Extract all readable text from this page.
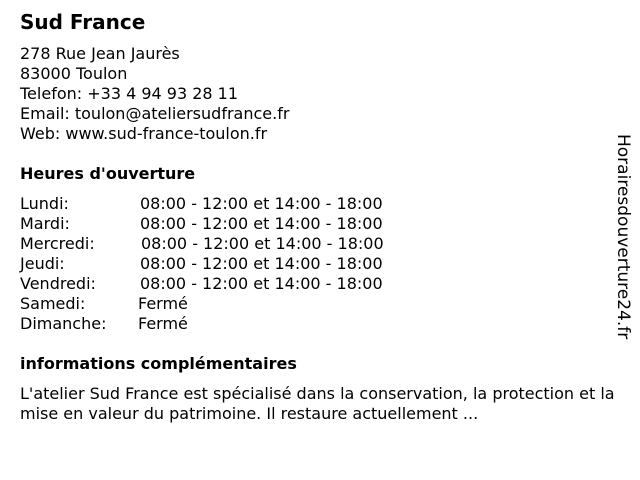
Sud France
278 Rue Jean Jaurès
83000 Toulon
Telefon: +33 4 94 93 28 11
Email: toulon@ateliersudfrance.fr
Web: www.sud-france-toulon.fr
Heures d'ouverture
Lundi:	08:00 - 12:00 et 14:00 - 18:00
Mardi:	08:00 - 12:00 et 14:00 - 18:00
Mercredi:	08:00 - 12:00 et 14:00 - 18:00
Jeudi:	08:00 - 12:00 et 14:00 - 18:00
Vendredi:	08:00 - 12:00 et 14:00 - 18:00
Samedi:	Fermé
Dimanche: Fermé
informations complémentaires
L'atelier Sud France est spécialisé dans la conservation, la protection et la mise en valeur du patrimoine. Il restaure actuellement ...
Horairesdouverture24.fr
